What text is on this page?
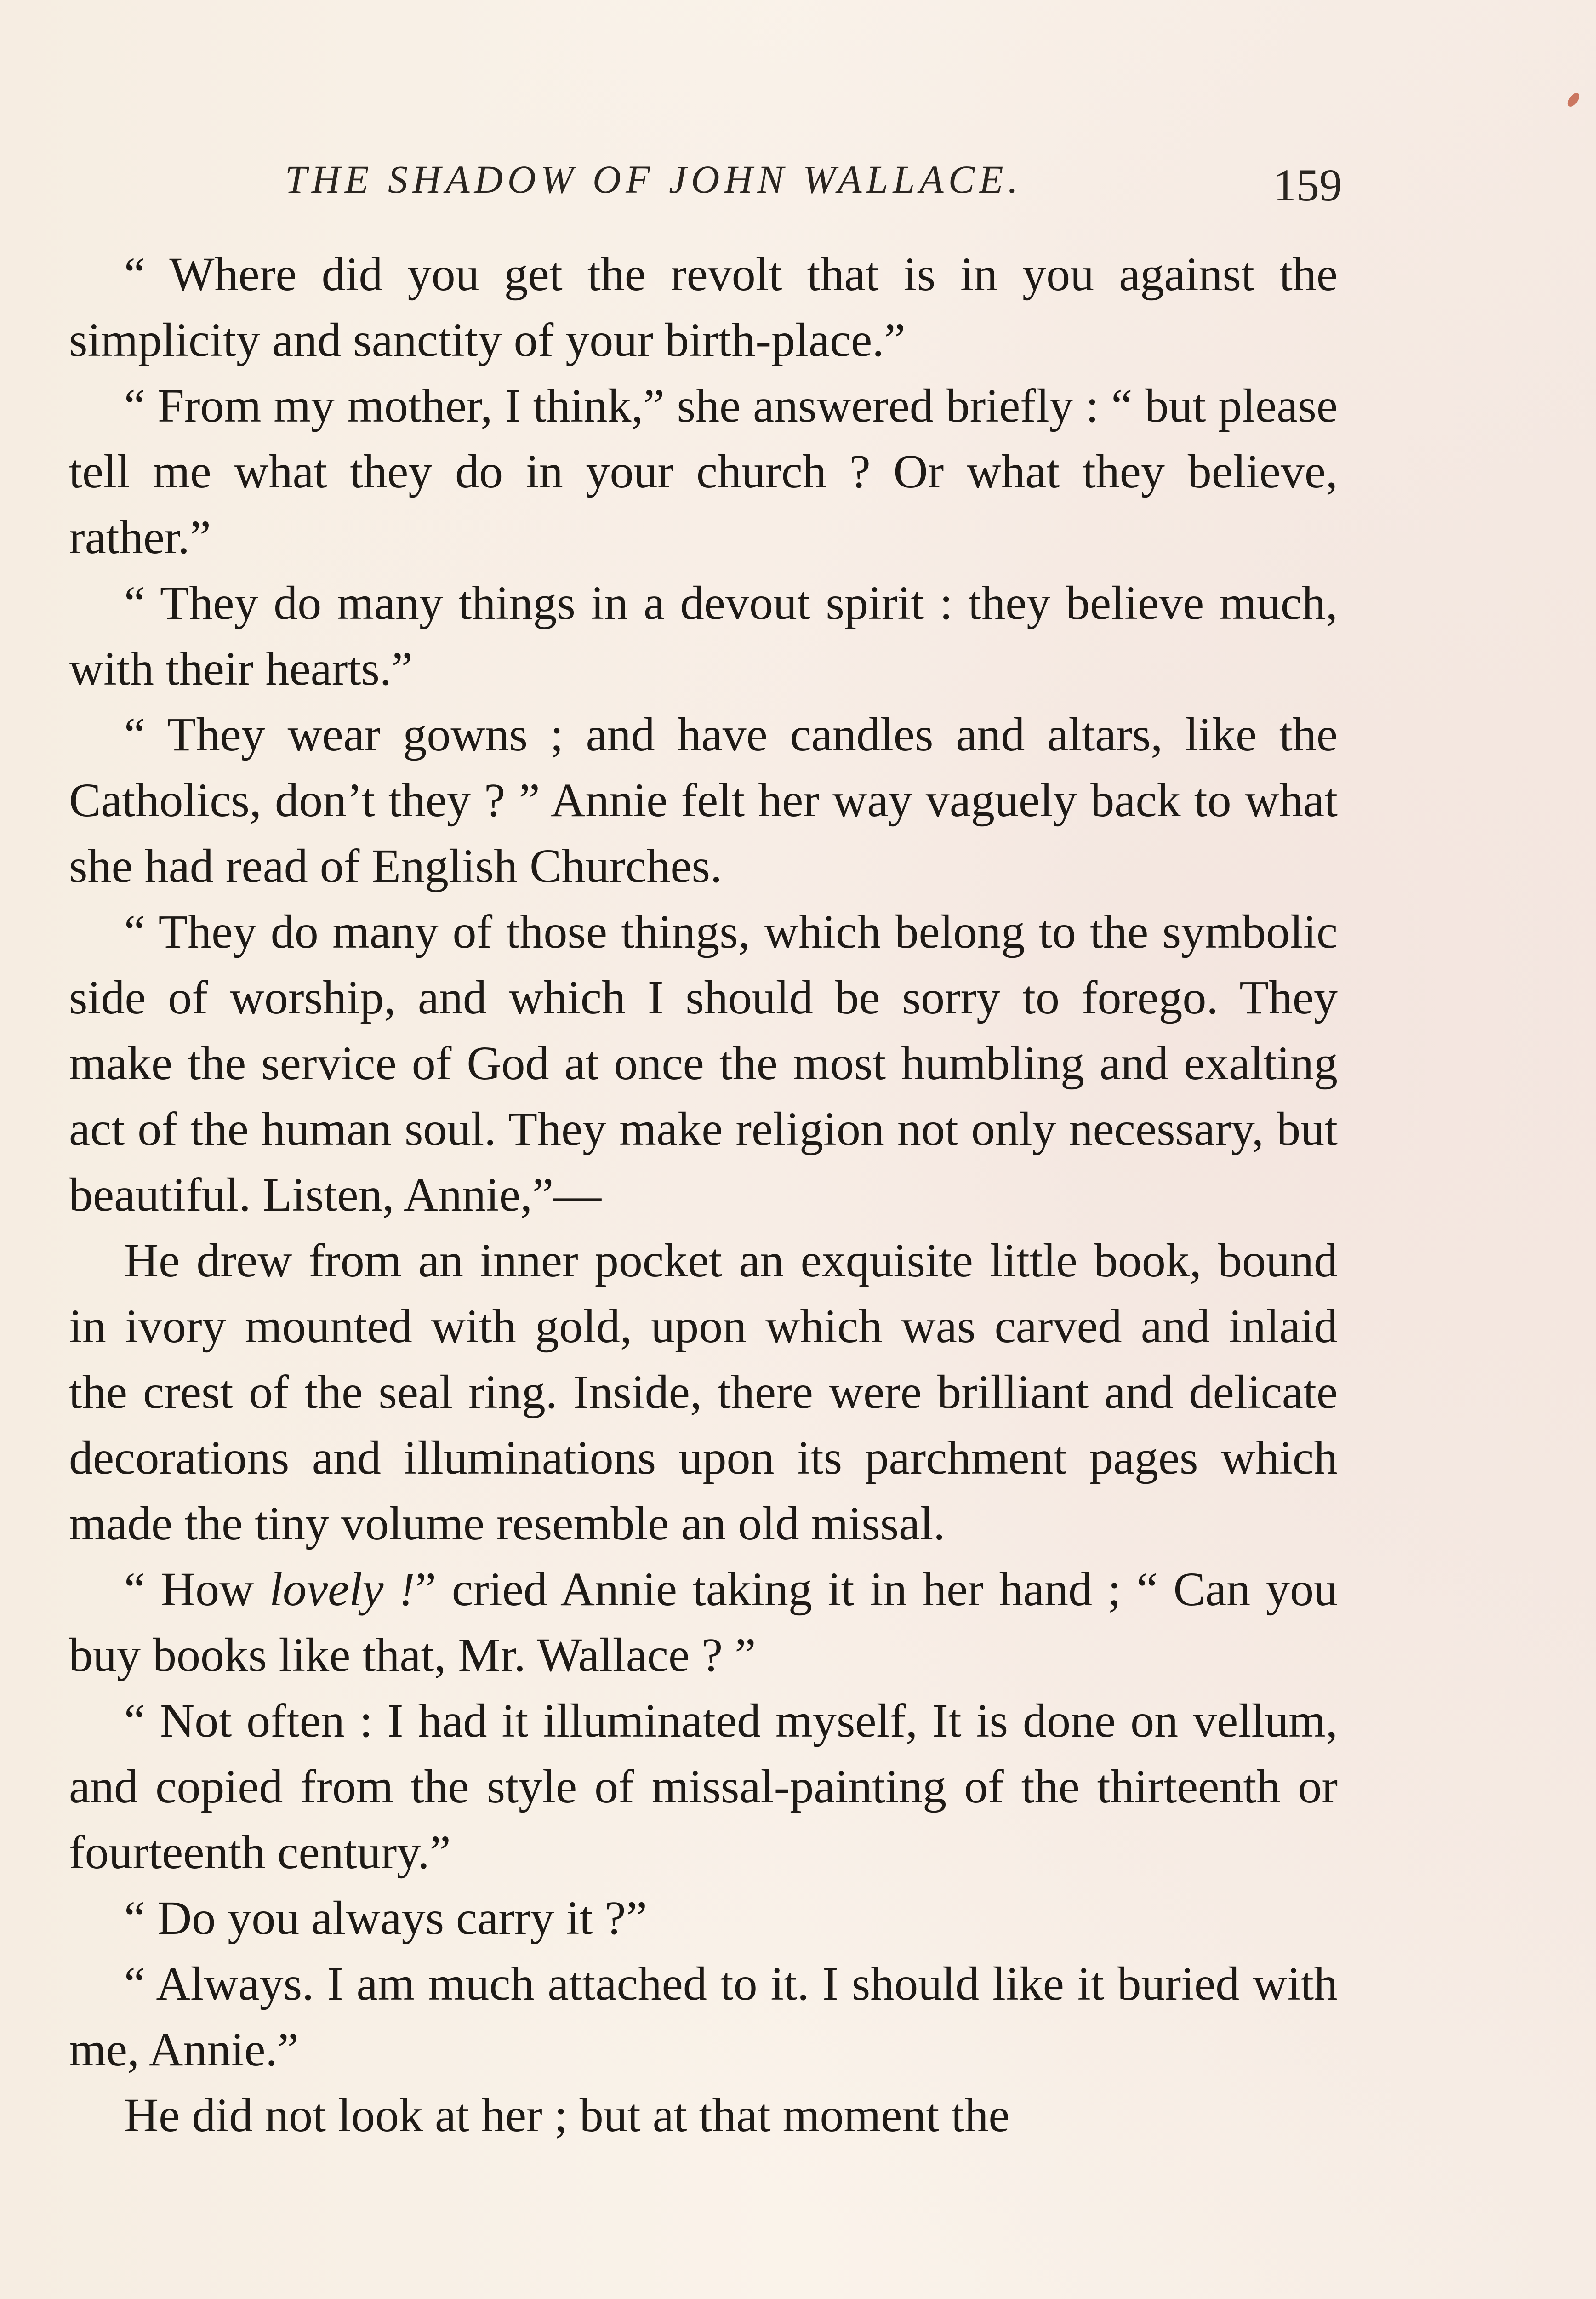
THE SHADOW OF JOHN WALLACE.	159

“ Where did you get the revolt that is in you against the simplicity and sanctity of your birth-place.”

“ From my mother, I think,” she answered briefly : “ but please tell me what they do in your church ? Or what they believe, rather.”

“ They do many things in a devout spirit : they believe much, with their hearts.”

“ They wear gowns ; and have candles and altars, like the Catholics, don’t they ? ” Annie felt her way vaguely back to what she had read of English Churches.

“ They do many of those things, which belong to the symbolic side of worship, and which I should be sorry to forego. They make the service of God at once the most humbling and exalting act of the human soul. They make religion not only necessary, but beautiful. Listen, Annie,”—

He drew from an inner pocket an exquisite little book, bound in ivory mounted with gold, upon which was carved and inlaid the crest of the seal ring. Inside, there were brilliant and delicate decorations and illuminations upon its parchment pages which made the tiny volume resemble an old missal.

“ How lovely !” cried Annie taking it in her hand ; “ Can you buy books like that, Mr. Wallace ? ”

“ Not often : I had it illuminated myself, It is done on vellum, and copied from the style of missal-painting of the thirteenth or fourteenth century.”

“ Do you always carry it ?”

“ Always. I am much attached to it. I should like it buried with me, Annie.”

He did not look at her ; but at that moment the
